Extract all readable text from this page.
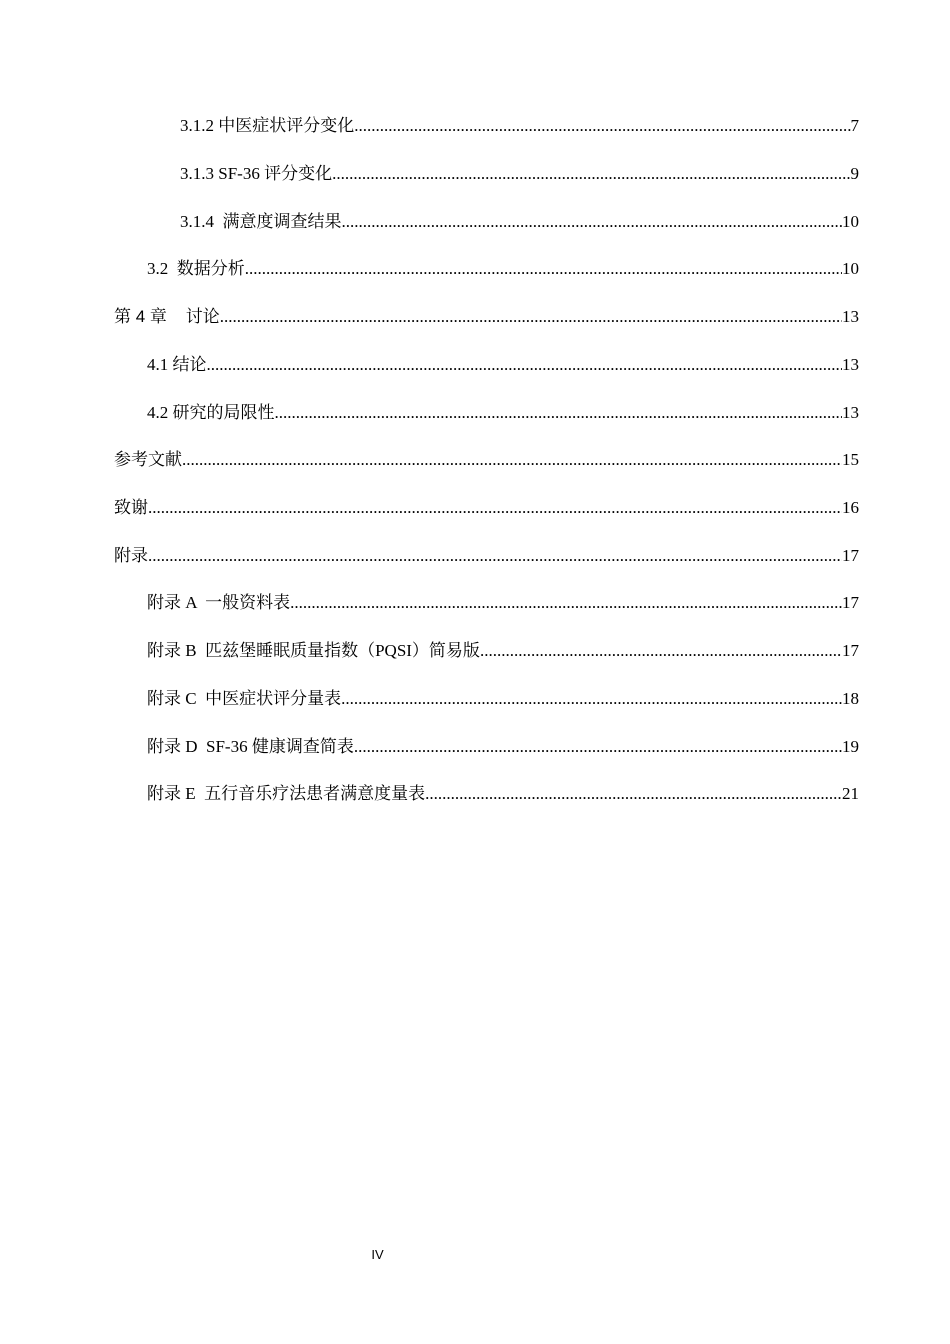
3.1.2 中医症状评分变化 .....	7
3.1.3 SF-36 评分变化 .....	9
3.1.4  满意度调查结果 .....	10
3.2  数据分析 .....	10
第 4 章    讨论 .....	13
4.1 结论 .....	13
4.2 研究的局限性 .....	13
参考文献 .....	15
致谢 .....	16
附录 .....	17
附录 A  一般资料表 .....	17
附录 B  匹兹堡睡眠质量指数（PQSI）简易版 .....	17
附录 C  中医症状评分量表 .....	18
附录 D  SF-36 健康调查简表 .....	19
附录 E  五行音乐疗法患者满意度量表 .....	21
IV
